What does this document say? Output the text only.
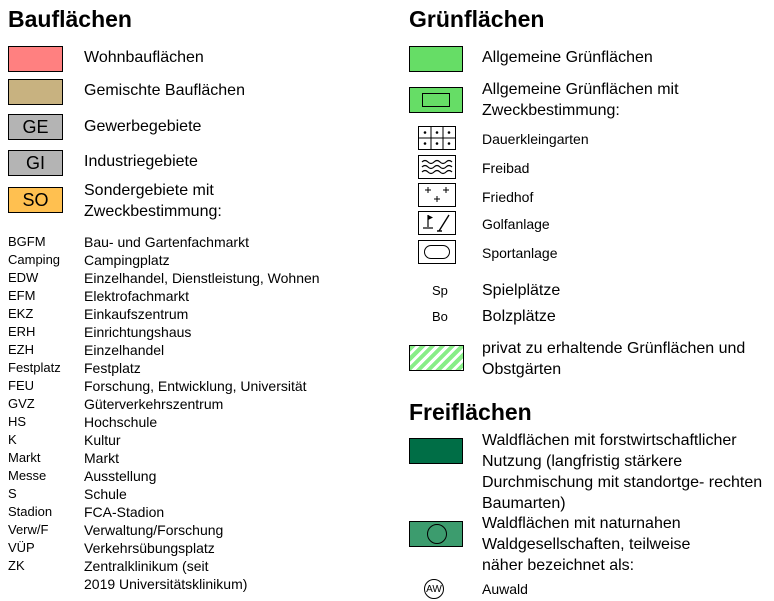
Bauflächen
Wohnbauflächen
Gemischte Bauflächen
GE Gewerbegebiete
GI Industriegebiete
SO Sondergebiete mit Zweckbestimmung:
BGFM	Bau- und Gartenfachmarkt
Camping Campingplatz
EDW	Einzelhandel, Dienstleistung, Wohnen
EFM	Elektrofachmarkt
EKZ	Einkaufszentrum
ERH	Einrichtungshaus
EZH	Einzelhandel
Festplatz Festplatz
FEU	Forschung, Entwicklung, Universität
GVZ	Güterverkehrszentrum
HS	Hochschule
K	Kultur
Markt	Markt
Messe	Ausstellung
S	Schule
Stadion FCA-Stadion
Verw/F	Verwaltung/Forschung
VÜP	Verkehrsübungsplatz
ZK	Zentralklinikum (seit
2019 Universitätsklinikum)
Grünflächen
Allgemeine Grünflächen
Allgemeine Grünflächen mit Zweckbestimmung:
Dauerkleingarten
Freibad
Friedhof
Golfanlage
Sportanlage
Sp Spielplätze
Bo Bolzplätze
privat zu erhaltende Grünflächen und Obstgärten
Freiflächen
Waldflächen mit forstwirtschaftlicher Nutzung (langfristig stärkere Durchmischung mit standortge- rechten Baumarten)
Waldflächen mit naturnahen Waldgesellschaften, teilweise näher bezeichnet als:
AW	Auwald
